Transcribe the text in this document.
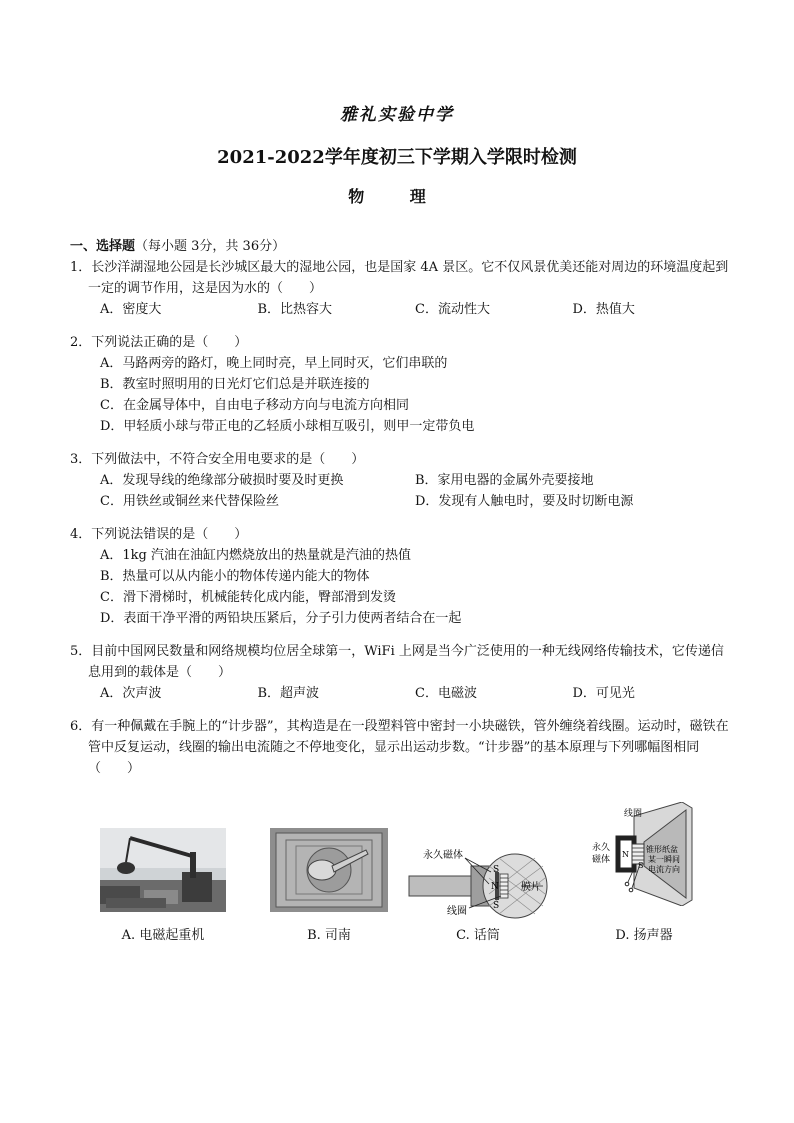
雅礼实验中学
2021-2022学年度初三下学期入学限时检测
物 理
一、选择题（每小题 3分，共 36分）
1．长沙洋湖湿地公园是长沙城区最大的湿地公园，也是国家 4A 景区。它不仅风景优美还能对周边的环境温度起到一定的调节作用，这是因为水的（　　）
A．密度大	B．比热容大	C．流动性大	D．热值大
2．下列说法正确的是（　　）
A．马路两旁的路灯，晚上同时亮，早上同时灭，它们串联的
B．教室时照明用的日光灯它们总是并联连接的
C．在金属导体中，自由电子移动方向与电流方向相同
D．甲轻质小球与带正电的乙轻质小球相互吸引，则甲一定带负电
3．下列做法中，不符合安全用电要求的是（　　）
A．发现导线的绝缘部分破损时要及时更换	B．家用电器的金属外壳要接地
C．用铁丝或铜丝来代替保险丝	D．发现有人触电时，要及时切断电源
4．下列说法错误的是（　　）
A．1kg 汽油在油缸内燃烧放出的热量就是汽油的热值
B．热量可以从内能小的物体传递内能大的物体
C．滑下滑梯时，机械能转化成内能，臀部滑到发烫
D．表面干净平滑的两铅块压紧后，分子引力使两者结合在一起
5．目前中国网民数量和网络规模均位居全球第一，WiFi 上网是当今广泛使用的一种无线网络传输技术，它传递信息用到的载体是（　　）
A．次声波	B．超声波	C．电磁波	D．可见光
6．有一种佩戴在手腕上的“计步器”，其构造是在一段塑料管中密封一小块磁铁，管外缠绕着线圈。运动时，磁铁在管中反复运动，线圈的输出电流随之不停地变化，显示出运动步数。“计步器”的基本原理与下列哪幅图相同（　　）
A. 电磁起重机	B. 司南
永久磁体
膜片
线圈
S
N
S
C. 话筒
线圈
锥形纸盆
某一瞬间
电流方向
永久
磁体
N
S
D. 扬声器
